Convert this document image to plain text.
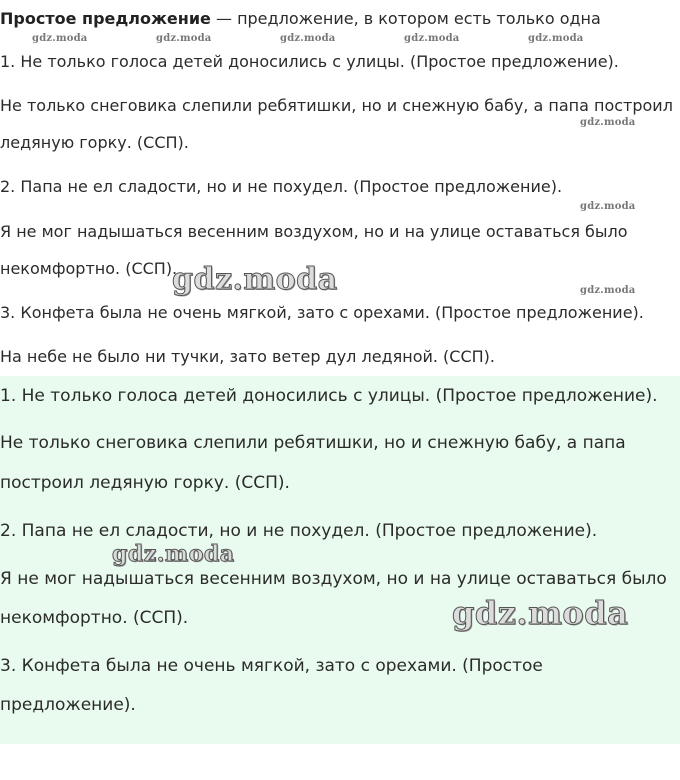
Простое предложение — предложение, в котором есть только одна
1. Не только голоса детей доносились с улицы. (Простое предложение).
Не только снеговика слепили ребятишки, но и снежную бабу, а папа построил
ледяную горку. (ССП).
2. Папа не ел сладости, но и не похудел. (Простое предложение).
Я не мог надышаться весенним воздухом, но и на улице оставаться было
некомфортно. (ССП).
3. Конфета была не очень мягкой, зато с орехами. (Простое предложение).
На небе не было ни тучки, зато ветер дул ледяной. (ССП).
1. Не только голоса детей доносились с улицы. (Простое предложение).
Не только снеговика слепили ребятишки, но и снежную бабу, а папа
построил ледяную горку. (ССП).
2. Папа не ел сладости, но и не похудел. (Простое предложение).
Я не мог надышаться весенним воздухом, но и на улице оставаться было
некомфортно. (ССП).
3. Конфета была не очень мягкой, зато с орехами. (Простое
предложение).
gdz.moda	gdz.moda	gdz.moda	gdz.moda	gdz.moda
gdz.moda
gdz.moda
gdz.moda
gdz.moda
gdz.moda
gdz.moda
